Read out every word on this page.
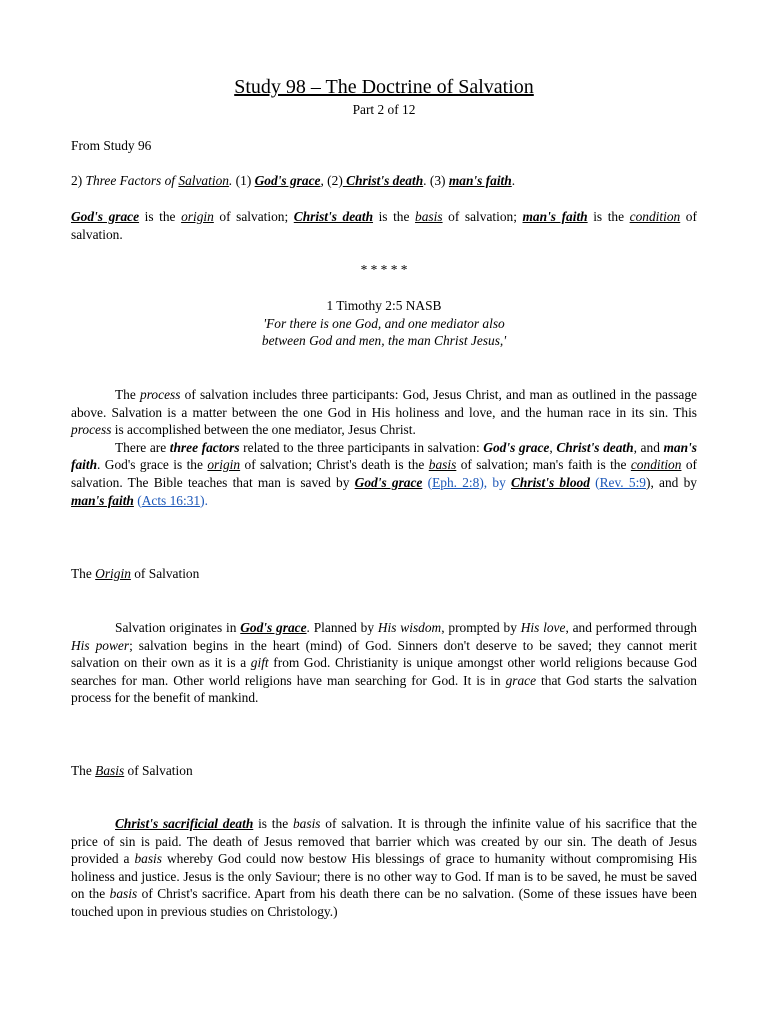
Study 98 – The Doctrine of Salvation
Part 2 of 12
From Study 96
2) Three Factors of Salvation. (1) God's grace, (2) Christ's death. (3) man's faith.

God's grace is the origin of salvation; Christ's death is the basis of salvation; man's faith is the condition of salvation.

* * * * *
1 Timothy 2:5 NASB
'For there is one God, and one mediator also
between God and men, the man Christ Jesus,'

The process of salvation includes three participants: God, Jesus Christ, and man as outlined in the passage above. Salvation is a matter between the one God in His holiness and love, and the human race in its sin. This process is accomplished between the one mediator, Jesus Christ.

There are three factors related to the three participants in salvation: God's grace, Christ's death, and man's faith. God's grace is the origin of salvation; Christ's death is the basis of salvation; man's faith is the condition of salvation. The Bible teaches that man is saved by God's grace (Eph. 2:8), by Christ's blood (Rev. 5:9), and by man's faith (Acts 16:31).

The Origin of Salvation

Salvation originates in God's grace. Planned by His wisdom, prompted by His love, and performed through His power; salvation begins in the heart (mind) of God. Sinners don't deserve to be saved; they cannot merit salvation on their own as it is a gift from God. Christianity is unique amongst other world religions because God searches for man. Other world religions have man searching for God. It is in grace that God starts the salvation process for the benefit of mankind.

The Basis of Salvation

Christ's sacrificial death is the basis of salvation. It is through the infinite value of his sacrifice that the price of sin is paid. The death of Jesus removed that barrier which was created by our sin. The death of Jesus provided a basis whereby God could now bestow His blessings of grace to humanity without compromising His holiness and justice. Jesus is the only Saviour; there is no other way to God. If man is to be saved, he must be saved on the basis of Christ's sacrifice. Apart from his death there can be no salvation. (Some of these issues have been touched upon in previous studies on Christology.)
